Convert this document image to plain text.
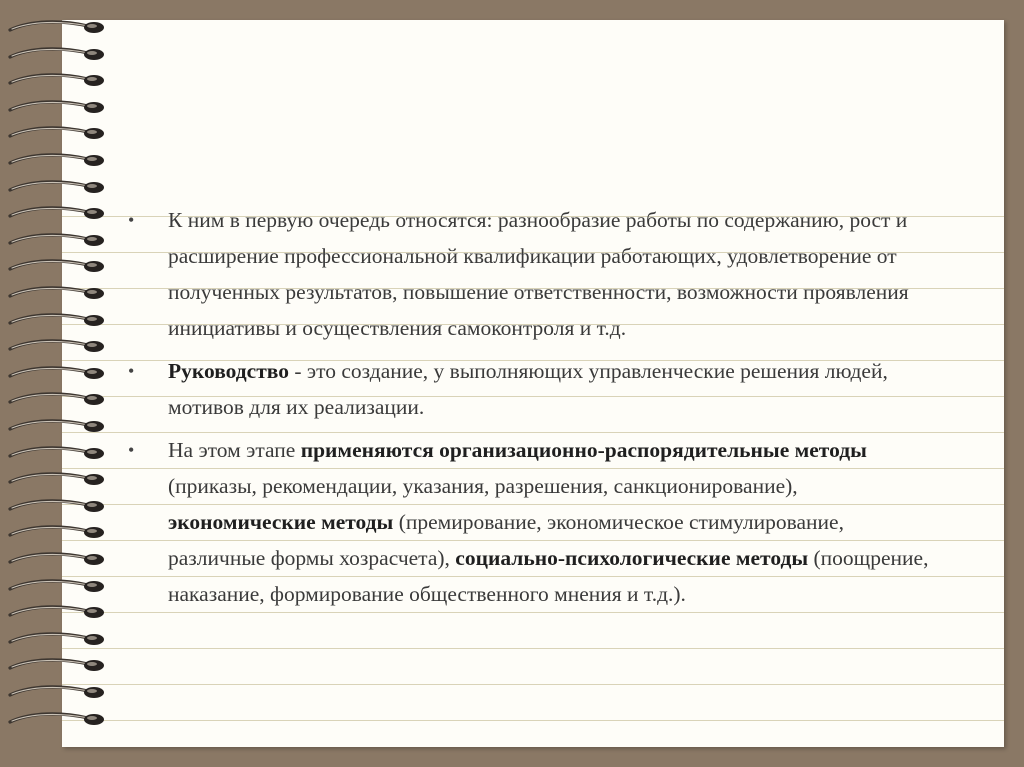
•	К ним в первую очередь относятся: разнообразие работы по содержанию, рост и расширение профессиональной квалификации работающих, удовлетворение от полученных результатов, повышение ответственности, возможности проявления инициативы и осуществления самоконтроля и т.д.

•	Руководство - это создание, у выполняющих управленческие решения людей, мотивов для их реализации.

•	На этом этапе применяются организационно-распорядительные методы (приказы, рекомендации, указания, разрешения, санкционирование), экономические методы (премирование, экономическое стимулирование, различные формы хозрасчета), социально-психологические методы (поощрение, наказание, формирование общественного мнения и т.д.).
